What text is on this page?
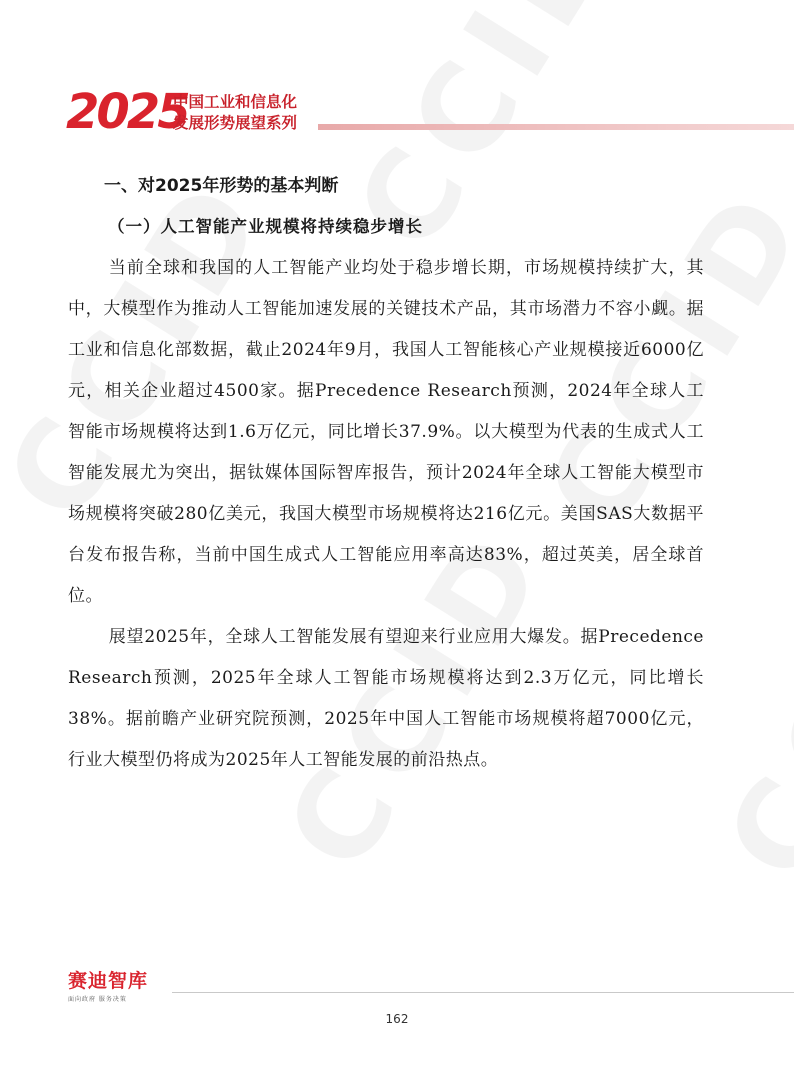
2025
中国工业和信息化
发展形势展望系列
一、对2025年形势的基本判断
（一）人工智能产业规模将持续稳步增长

当前全球和我国的人工智能产业均处于稳步增长期，市场规模持续扩大，其中，大模型作为推动人工智能加速发展的关键技术产品，其市场潜力不容小觑。据工业和信息化部数据，截止2024年9月，我国人工智能核心产业规模接近6000亿元，相关企业超过4500家。据Precedence Research预测，2024年全球人工智能市场规模将达到1.6万亿元，同比增长37.9%。以大模型为代表的生成式人工智能发展尤为突出，据钛媒体国际智库报告，预计2024年全球人工智能大模型市场规模将突破280亿美元，我国大模型市场规模将达216亿元。美国SAS大数据平台发布报告称，当前中国生成式人工智能应用率高达83%，超过英美，居全球首位。

展望2025年，全球人工智能发展有望迎来行业应用大爆发。据Precedence Research预测，2025年全球人工智能市场规模将达到2.3万亿元，同比增长38%。据前瞻产业研究院预测，2025年中国人工智能市场规模将超7000亿元，行业大模型仍将成为2025年人工智能发展的前沿热点。

赛迪智库
面向政府 服务决策
162
